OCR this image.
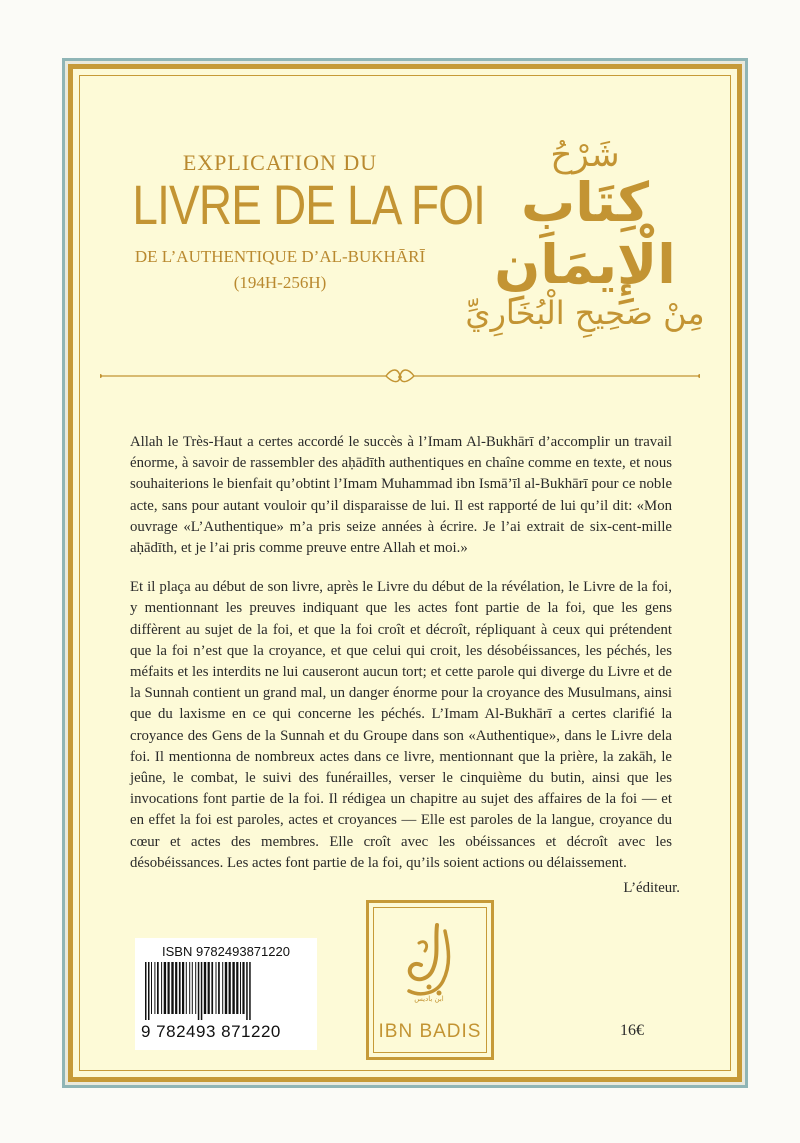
EXPLICATION DU
LIVRE DE LA FOI
DE L’AUTHENTIQUE D’AL-BUKHĀRĪ
(194H-256H)
شَرْحُ
كِتَابِ الْإِيمَانِ
مِنْ صَحِيحِ الْبُخَارِيِّ

Allah le Très-Haut a certes accordé le succès à l’Imam Al-Bukhārī d’accomplir un travail énorme, à savoir de rassembler des aḥādīth authentiques en chaîne comme en texte, et nous souhaiterions le bienfait qu’obtint l’Imam Muhammad ibn Ismā’īl al-Bukhārī pour ce noble acte, sans pour autant vouloir qu’il disparaisse de lui. Il est rapporté de lui qu’il dit: «Mon ouvrage «L’Authentique» m’a pris seize années à écrire. Je l’ai extrait de six-cent-mille aḥādīth, et je l’ai pris comme preuve entre Allah et moi.»

Et il plaça au début de son livre, après le Livre du début de la révélation, le Livre de la foi, y mentionnant les preuves indiquant que les actes font partie de la foi, que les gens diffèrent au sujet de la foi, et que la foi croît et décroît, répliquant à ceux qui prétendent que la foi n’est que la croyance, et que celui qui croit, les désobéissances, les péchés, les méfaits et les interdits ne lui causeront aucun tort; et cette parole qui diverge du Livre et de la Sunnah contient un grand mal, un danger énorme pour la croyance des Musulmans, ainsi que du laxisme en ce qui concerne les péchés. L’Imam Al-Bukhārī a certes clarifié la croyance des Gens de la Sunnah et du Groupe dans son «Authentique», dans le Livre dela foi. Il mentionna de nombreux actes dans ce livre, mentionnant que la prière, la zakāh, le jeûne, le combat, le suivi des funérailles, verser le cinquième du butin, ainsi que les invocations font partie de la foi. Il rédigea un chapitre au sujet des affaires de la foi — et en effet la foi est paroles, actes et croyances — Elle est paroles de la langue, croyance du cœur et actes des membres. Elle croît avec les obéissances et décroît avec les désobéissances. Les actes font partie de la foi, qu’ils soient actions ou délaissement.

L’éditeur.
ISBN 9782493871220
9 782493 871220
ابن باديس
IBN BADIS	16€
